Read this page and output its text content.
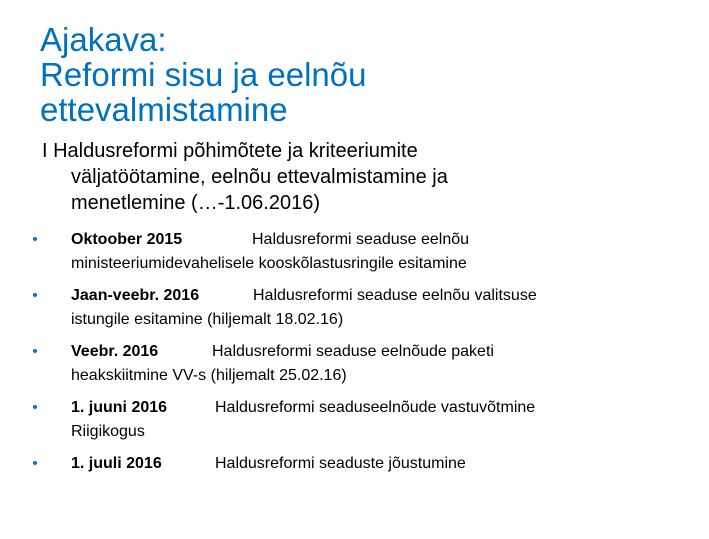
Ajakava:
Reformi sisu ja eelnõu
ettevalmistamine
I Haldusreformi põhimõtete ja kriteeriumite
väljatöötamine, eelnõu ettevalmistamine ja
menetlemine (…-1.06.2016)
• Oktoober 2015	Haldusreformi seaduse eelnõu
ministeeriumidevahelisele kooskõlastusringile esitamine
• Jaan-veebr. 2016	Haldusreformi seaduse eelnõu valitsuse
istungile esitamine (hiljemalt 18.02.16)
• Veebr. 2016	Haldusreformi seaduse eelnõude paketi
heakskiitmine VV-s (hiljemalt 25.02.16)
• 1. juuni 2016	Haldusreformi seaduseelnõude vastuvõtmine
Riigikogus
• 1. juuli 2016	Haldusreformi seaduste jõustumine
